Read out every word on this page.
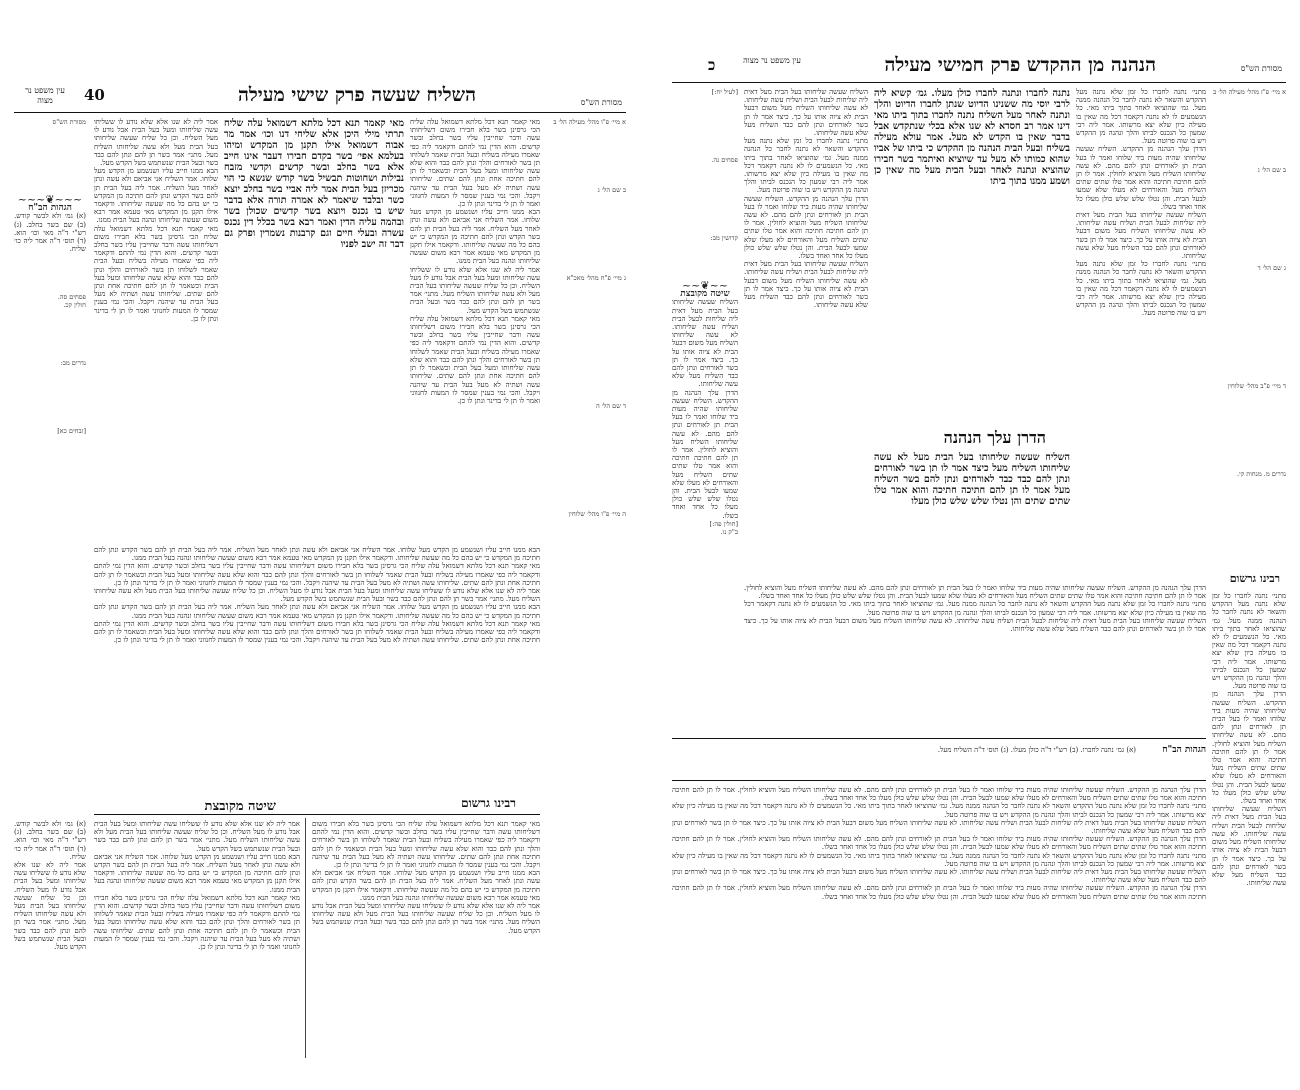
מסורת הש"ס
השליח שעשה פרק שישי מעילה
40
עין משפט נר מצוה

א מיי׳ פ"ו מהל׳ מעילה הל׳ ב

ב שם הל׳ ג

ג מיי׳ פ"ח מהל׳ מאכ"א

ד שם הל׳ ה

ה מיי׳ פ"ו מהל׳ שלוחין

מאי קאמר תנא דכל מלתא דשמואל עלה שליח הכי גרסינן בשר בלא חבירו משום דשליחותו עשה ודבר שחייבין עליו בשר בחלב ובשר קדשים. והוא הדין נמי להתם ודקאמר ליה כפי שאמרו מעילה בשליח ובעל הבית שאמר לשלוחו תן בשר לאורחים והלך ונתן להם כבד והוא שלא עשה שליחותו ומעל בעל הבית וכשאמר לו תן להם חתיכה אחת ונתן להם שתים. שליחותו עשה ושתיה לא מעל בעל הבית עד שיהנה ויקבל. והכי נמי בענין שמסר לו המעות לחנווני ואמר לו תן לי בדינר ונתן לו כן.

הבא ממנו חייב עליו ושנשמע מן הקדש מעל שלוחו. אמר השליח אני אביאם ולא עשה ונתן לאחר מעל השליח. אמר ליה בעל הבית תן להם בשר הקדש ונתן להם חתיכה מן המקדש כי יש בהם כל מה שעשה שליחותו. ודקאמר אילו תקנן מן המקדש מאי טעמא אמר רבא משום שעשה שליחותו ונהנה בעל הבית ממנו.

אמר ליה לא שנו אלא שלא נודע לו ששליחו עשה שליחותו ומעל בעל הבית אבל נודע לו מעל השליח. וכן כל שליח שעשה שליחותו בעל הבית מעל ולא עשה שליחותו השליח מעל. מתני׳ אמר בשר תן להם ונתן להם כבד בשר ובעל הבית שנשתמש בשל הקדש מעל.

מאי קאמר תנא דכל מלתא דשמואל עלה שליח הכי גרסינן בשר בלא חבירו משום דשליחותו עשה ודבר שחייבין עליו בשר בחלב ובשר קדשים. והוא הדין נמי להתם ודקאמר ליה כפי שאמרו מעילה בשליח ובעל הבית שאמר לשלוחו תן בשר לאורחים והלך ונתן להם כבד והוא שלא עשה שליחותו ומעל בעל הבית וכשאמר לו תן להם חתיכה אחת ונתן להם שתים. שליחותו עשה ושתיה לא מעל בעל הבית עד שיהנה ויקבל. והכי נמי בענין שמסר לו המעות לחנווני ואמר לו תן לי בדינר ונתן לו כן.

מאי קאמר תנא דכל מלתא דשמואל עלה שליח תרתי מילי היכן אלא שליחי דנו וכו׳ אמר מר אבוה דשמואל אילו תקנן מן המקדש ומיהו בעלמא אפי׳ בשר בקדם חבירו דעבר אינו חייב אלא בשר בחלב ובשר קדשים וקדשי מזבח נבילות ושחוטות תבשיל בשר קודש שנשא כי הוי מכריזן בעל הבית אמר ליה אביי בשר בחלב יוצא כשר ובלבד שיאמר לא אמרה תורה אלא בדבר שיש בו נכנס ויוצא בשר קדשים שכולן בשר ובהמה עליה הדין ואמר רבא בשר בכלל דין נכנס עשרה ובעלי חיים וגם קרבנות נשמרין ופרק גם דבר זה ישב לפניו

אמר ליה לא שנו אלא שלא נודע לו ששליחו עשה שליחותו ומעל בעל הבית אבל נודע לו מעל השליח. וכן כל שליח שעשה שליחותו בעל הבית מעל ולא עשה שליחותו השליח מעל. מתני׳ אמר בשר תן להם ונתן להם כבד בשר ובעל הבית שנשתמש בשל הקדש מעל.

הבא ממנו חייב עליו ושנשמע מן הקדש מעל שלוחו. אמר השליח אני אביאם ולא עשה ונתן לאחר מעל השליח. אמר ליה בעל הבית תן להם בשר הקדש ונתן להם חתיכה מן המקדש כי יש בהם כל מה שעשה שליחותו. ודקאמר אילו תקנן מן המקדש מאי טעמא אמר רבא משום שעשה שליחותו ונהנה בעל הבית ממנו.

מאי קאמר תנא דכל מלתא דשמואל עלה שליח הכי גרסינן בשר בלא חבירו משום דשליחותו עשה ודבר שחייבין עליו בשר בחלב ובשר קדשים. והוא הדין נמי להתם ודקאמר ליה כפי שאמרו מעילה בשליח ובעל הבית שאמר לשלוחו תן בשר לאורחים והלך ונתן להם כבד והוא שלא עשה שליחותו ומעל בעל הבית וכשאמר לו תן להם חתיכה אחת ונתן להם שתים. שליחותו עשה ושתיה לא מעל בעל הבית עד שיהנה ויקבל. והכי נמי בענין שמסר לו המעות לחנווני ואמר לו תן לי בדינר ונתן לו כן.

מסורת הש"ס

~~~❦~~~

הגהות הב"ח

(א) גמ׳ ולא לבשר קודש. (ב) שם בשר בחלב. (ג) רש"י ד"ה מאי וכו׳ הוא. (ד) תוס׳ ד"ה אמר ליה כו׳ שליח.

פסחים סה.

חולין קכ.

נדרים מב:

[זבחים כא]

הבא ממנו חייב עליו ושנשמע מן הקדש מעל שלוחו. אמר השליח אני אביאם ולא עשה ונתן לאחר מעל השליח. אמר ליה בעל הבית תן להם בשר הקדש ונתן להם חתיכה מן המקדש כי יש בהם כל מה שעשה שליחותו. ודקאמר אילו תקנן מן המקדש מאי טעמא אמר רבא משום שעשה שליחותו ונהנה בעל הבית ממנו.

מאי קאמר תנא דכל מלתא דשמואל עלה שליח הכי גרסינן בשר בלא חבירו משום דשליחותו עשה ודבר שחייבין עליו בשר בחלב ובשר קדשים. והוא הדין נמי להתם ודקאמר ליה כפי שאמרו מעילה בשליח ובעל הבית שאמר לשלוחו תן בשר לאורחים והלך ונתן להם כבד והוא שלא עשה שליחותו ומעל בעל הבית וכשאמר לו תן להם חתיכה אחת ונתן להם שתים. שליחותו עשה ושתיה לא מעל בעל הבית עד שיהנה ויקבל. והכי נמי בענין שמסר לו המעות לחנווני ואמר לו תן לי בדינר ונתן לו כן.

אמר ליה לא שנו אלא שלא נודע לו ששליחו עשה שליחותו ומעל בעל הבית אבל נודע לו מעל השליח. וכן כל שליח שעשה שליחותו בעל הבית מעל ולא עשה שליחותו השליח מעל. מתני׳ אמר בשר תן להם ונתן להם כבד בשר ובעל הבית שנשתמש בשל הקדש מעל.

הבא ממנו חייב עליו ושנשמע מן הקדש מעל שלוחו. אמר השליח אני אביאם ולא עשה ונתן לאחר מעל השליח. אמר ליה בעל הבית תן להם בשר הקדש ונתן להם חתיכה מן המקדש כי יש בהם כל מה שעשה שליחותו. ודקאמר אילו תקנן מן המקדש מאי טעמא אמר רבא משום שעשה שליחותו ונהנה בעל הבית ממנו.

מאי קאמר תנא דכל מלתא דשמואל עלה שליח הכי גרסינן בשר בלא חבירו משום דשליחותו עשה ודבר שחייבין עליו בשר בחלב ובשר קדשים. והוא הדין נמי להתם ודקאמר ליה כפי שאמרו מעילה בשליח ובעל הבית שאמר לשלוחו תן בשר לאורחים והלך ונתן להם כבד והוא שלא עשה שליחותו ומעל בעל הבית וכשאמר לו תן להם חתיכה אחת ונתן להם שתים. שליחותו עשה ושתיה לא מעל בעל הבית עד שיהנה ויקבל. והכי נמי בענין שמסר לו המעות לחנווני ואמר לו תן לי בדינר ונתן לו כן.

שיטה מקובצת	רבינו גרשום

מאי קאמר תנא דכל מלתא דשמואל עלה שליח הכי גרסינן בשר בלא חבירו משום דשליחותו עשה ודבר שחייבין עליו בשר בחלב ובשר קדשים. והוא הדין נמי להתם ודקאמר ליה כפי שאמרו מעילה בשליח ובעל הבית שאמר לשלוחו תן בשר לאורחים והלך ונתן להם כבד והוא שלא עשה שליחותו ומעל בעל הבית וכשאמר לו תן להם חתיכה אחת ונתן להם שתים. שליחותו עשה ושתיה לא מעל בעל הבית עד שיהנה ויקבל. והכי נמי בענין שמסר לו המעות לחנווני ואמר לו תן לי בדינר ונתן לו כן.

הבא ממנו חייב עליו ושנשמע מן הקדש מעל שלוחו. אמר השליח אני אביאם ולא עשה ונתן לאחר מעל השליח. אמר ליה בעל הבית תן להם בשר הקדש ונתן להם חתיכה מן המקדש כי יש בהם כל מה שעשה שליחותו. ודקאמר אילו תקנן מן המקדש מאי טעמא אמר רבא משום שעשה שליחותו ונהנה בעל הבית ממנו.

אמר ליה לא שנו אלא שלא נודע לו ששליחו עשה שליחותו ומעל בעל הבית אבל נודע לו מעל השליח. וכן כל שליח שעשה שליחותו בעל הבית מעל ולא עשה שליחותו השליח מעל. מתני׳ אמר בשר תן להם ונתן להם כבד בשר ובעל הבית שנשתמש בשל הקדש מעל.

אמר ליה לא שנו אלא שלא נודע לו ששליחו עשה שליחותו ומעל בעל הבית אבל נודע לו מעל השליח. וכן כל שליח שעשה שליחותו בעל הבית מעל ולא עשה שליחותו השליח מעל. מתני׳ אמר בשר תן להם ונתן להם כבד בשר ובעל הבית שנשתמש בשל הקדש מעל.

הבא ממנו חייב עליו ושנשמע מן הקדש מעל שלוחו. אמר השליח אני אביאם ולא עשה ונתן לאחר מעל השליח. אמר ליה בעל הבית תן להם בשר הקדש ונתן להם חתיכה מן המקדש כי יש בהם כל מה שעשה שליחותו. ודקאמר אילו תקנן מן המקדש מאי טעמא אמר רבא משום שעשה שליחותו ונהנה בעל הבית ממנו.

מאי קאמר תנא דכל מלתא דשמואל עלה שליח הכי גרסינן בשר בלא חבירו משום דשליחותו עשה ודבר שחייבין עליו בשר בחלב ובשר קדשים. והוא הדין נמי להתם ודקאמר ליה כפי שאמרו מעילה בשליח ובעל הבית שאמר לשלוחו תן בשר לאורחים והלך ונתן להם כבד והוא שלא עשה שליחותו ומעל בעל הבית וכשאמר לו תן להם חתיכה אחת ונתן להם שתים. שליחותו עשה ושתיה לא מעל בעל הבית עד שיהנה ויקבל. והכי נמי בענין שמסר לו המעות לחנווני ואמר לו תן לי בדינר ונתן לו כן.

(א) גמ׳ ולא לבשר קודש. (ב) שם בשר בחלב. (ג) רש"י ד"ה מאי וכו׳ הוא. (ד) תוס׳ ד"ה אמר ליה כו׳ שליח.

אמר ליה לא שנו אלא שלא נודע לו ששליחו עשה שליחותו ומעל בעל הבית אבל נודע לו מעל השליח. וכן כל שליח שעשה שליחותו בעל הבית מעל ולא עשה שליחותו השליח מעל. מתני׳ אמר בשר תן להם ונתן להם כבד בשר ובעל הבית שנשתמש בשל הקדש מעל.

מסורת הש"ס
הנהנה מן ההקדש פרק חמישי מעילה
כ	עין משפט נר מצוה

א מיי׳ פ"ז מהל׳ מעילה הל׳ ב

ב שם הל׳ ג

ג שם הל׳ ד

ד מיי׳ פ"ב מהל׳ שלוחין

נדרים מ. מנחות קי.

מתני׳ נתנה לחברו כל זמן שלא נתנה מעל ההקדש והשאר לא נתנה לחבר כל הנהנה ממנה מעל. גמ׳ שהוציאו לאחר בתוך ביתו מאי. כל הנשמעים לו לא נתנה דקאמר דכל מה שאין בו מעילה כיון שלא יצא מרשותו. אמר ליה רבי שמעון כל הנכנס לביתו והלך ונהנה מן ההקדש ויש בו שוה פרוטה מעל.

הדרן עלך הנהנה מן ההקדש. השליח שעשה שליחותו שהיה מעות ביד שלוחו ואמר לו בעל הבית תן לאורחים ונתן להם מהם. לא עשה שליחותו השליח מעל והוציא לחולין. אמר לו תן להם חתיכה חתיכה והוא אמר טלו שתים שתים השליח מעל והאורחים לא מעלו שלא שמעו לבעל הבית. והן נטלו שלש שלש כולן מעלו כל אחד ואחד בשלו.

השליח שעשה שליחותו בעל הבית מעל דאית ליה שליחות לבעל הבית ושליח עשה שליחותו. לא עשה שליחותו השליח מעל משום דבעל הבית לא ציוה אותו על כך. כיצד אמר לו תן בשר לאורחים ונתן להם כבד השליח מעל שלא עשה שליחותו.

מתני׳ נתנה לחברו כל זמן שלא נתנה מעל ההקדש והשאר לא נתנה לחבר כל הנהנה ממנה מעל. גמ׳ שהוציאו לאחר בתוך ביתו מאי. כל הנשמעים לו לא נתנה דקאמר דכל מה שאין בו מעילה כיון שלא יצא מרשותו. אמר ליה רבי שמעון כל הנכנס לביתו והלך ונהנה מן ההקדש ויש בו שוה פרוטה מעל.

נתנה לחברו ונתנה לחברו כולן מעלו. גמ׳ קשיא ליה לרבי יוסי מה ששנינו הדיוט שנתן לחברו הדיוט והלך ונתנה לאחר מעל השליח נתנה לחברו בתוך ביתו מאי דינו אמר רב חסדא לא שנו אלא בכלי שנתקדש אבל בדבר שאין בו הקדש לא מעל. אמר עולא מעילה בשליח ובעל הבית הנהנה מן ההקדש כי ביתו של אביו שהוא כמותו לא מעל עד שיוציא ואיתמר בשר חבירו שהוציא ונתנה לאחר ובעל הבית מעל מה שאין כן ושמע ממנו בתוך ביתו

הדרן עלך הנהנה

השליח שעשה שליחותו בעל הבית מעל לא עשה שליחותו השליח מעל כיצד אמר לו תן בשר לאורחים ונתן להם כבד כבד לאורחים ונתן להם בשר השליח מעל אמר לו תן להם חתיכה חתיכה והוא אמר טלו שתים שתים והן נטלו שלש שלש כולן מעלו

השליח שעשה שליחותו בעל הבית מעל דאית ליה שליחות לבעל הבית ושליח עשה שליחותו. לא עשה שליחותו השליח מעל משום דבעל הבית לא ציוה אותו על כך. כיצד אמר לו תן בשר לאורחים ונתן להם כבד השליח מעל שלא עשה שליחותו.

מתני׳ נתנה לחברו כל זמן שלא נתנה מעל ההקדש והשאר לא נתנה לחבר כל הנהנה ממנה מעל. גמ׳ שהוציאו לאחר בתוך ביתו מאי. כל הנשמעים לו לא נתנה דקאמר דכל מה שאין בו מעילה כיון שלא יצא מרשותו. אמר ליה רבי שמעון כל הנכנס לביתו והלך ונהנה מן ההקדש ויש בו שוה פרוטה מעל.

הדרן עלך הנהנה מן ההקדש. השליח שעשה שליחותו שהיה מעות ביד שלוחו ואמר לו בעל הבית תן לאורחים ונתן להם מהם. לא עשה שליחותו השליח מעל והוציא לחולין. אמר לו תן להם חתיכה חתיכה והוא אמר טלו שתים שתים השליח מעל והאורחים לא מעלו שלא שמעו לבעל הבית. והן נטלו שלש שלש כולן מעלו כל אחד ואחד בשלו.

השליח שעשה שליחותו בעל הבית מעל דאית ליה שליחות לבעל הבית ושליח עשה שליחותו. לא עשה שליחותו השליח מעל משום דבעל הבית לא ציוה אותו על כך. כיצד אמר לו תן בשר לאורחים ונתן להם כבד השליח מעל שלא עשה שליחותו.

[לעיל יח:]

פסחים נה.

קדושין מב:

~~❦~~

שיטה מקובצת

השליח שעשה שליחותו בעל הבית מעל דאית ליה שליחות לבעל הבית ושליח עשה שליחותו. לא עשה שליחותו השליח מעל משום דבעל הבית לא ציוה אותו על כך. כיצד אמר לו תן בשר לאורחים ונתן להם כבד השליח מעל שלא עשה שליחותו.

הדרן עלך הנהנה מן ההקדש. השליח שעשה שליחותו שהיה מעות ביד שלוחו ואמר לו בעל הבית תן לאורחים ונתן להם מהם. לא עשה שליחותו השליח מעל והוציא לחולין. אמר לו תן להם חתיכה חתיכה והוא אמר טלו שתים שתים השליח מעל והאורחים לא מעלו שלא שמעו לבעל הבית. והן נטלו שלש שלש כולן מעלו כל אחד ואחד בשלו.

[חולין פה:]

ב"ק נו.

הדרן עלך הנהנה מן ההקדש. השליח שעשה שליחותו שהיה מעות ביד שלוחו ואמר לו בעל הבית תן לאורחים ונתן להם מהם. לא עשה שליחותו השליח מעל והוציא לחולין. אמר לו תן להם חתיכה חתיכה והוא אמר טלו שתים שתים השליח מעל והאורחים לא מעלו שלא שמעו לבעל הבית. והן נטלו שלש שלש כולן מעלו כל אחד ואחד בשלו.

מתני׳ נתנה לחברו כל זמן שלא נתנה מעל ההקדש והשאר לא נתנה לחבר כל הנהנה ממנה מעל. גמ׳ שהוציאו לאחר בתוך ביתו מאי. כל הנשמעים לו לא נתנה דקאמר דכל מה שאין בו מעילה כיון שלא יצא מרשותו. אמר ליה רבי שמעון כל הנכנס לביתו והלך ונהנה מן ההקדש ויש בו שוה פרוטה מעל.

השליח שעשה שליחותו בעל הבית מעל דאית ליה שליחות לבעל הבית ושליח עשה שליחותו. לא עשה שליחותו השליח מעל משום דבעל הבית לא ציוה אותו על כך. כיצד אמר לו תן בשר לאורחים ונתן להם כבד השליח מעל שלא עשה שליחותו.

רבינו גרשום

מתני׳ נתנה לחברו כל זמן שלא נתנה מעל ההקדש והשאר לא נתנה לחבר כל הנהנה ממנה מעל. גמ׳ שהוציאו לאחר בתוך ביתו מאי. כל הנשמעים לו לא נתנה דקאמר דכל מה שאין בו מעילה כיון שלא יצא מרשותו. אמר ליה רבי שמעון כל הנכנס לביתו והלך ונהנה מן ההקדש ויש בו שוה פרוטה מעל.

הדרן עלך הנהנה מן ההקדש. השליח שעשה שליחותו שהיה מעות ביד שלוחו ואמר לו בעל הבית תן לאורחים ונתן להם מהם. לא עשה שליחותו השליח מעל והוציא לחולין. אמר לו תן להם חתיכה חתיכה והוא אמר טלו שתים שתים השליח מעל והאורחים לא מעלו שלא שמעו לבעל הבית. והן נטלו שלש שלש כולן מעלו כל אחד ואחד בשלו.

השליח שעשה שליחותו בעל הבית מעל דאית ליה שליחות לבעל הבית ושליח עשה שליחותו. לא עשה שליחותו השליח מעל משום דבעל הבית לא ציוה אותו על כך. כיצד אמר לו תן בשר לאורחים ונתן להם כבד השליח מעל שלא עשה שליחותו.

הגהות הב"ח

(א) גמ׳ נתנה לחברו. (ב) רש"י ד"ה כולן מעלו. (ג) תוס׳ ד"ה השליח מעל.

הדרן עלך הנהנה מן ההקדש. השליח שעשה שליחותו שהיה מעות ביד שלוחו ואמר לו בעל הבית תן לאורחים ונתן להם מהם. לא עשה שליחותו השליח מעל והוציא לחולין. אמר לו תן להם חתיכה חתיכה והוא אמר טלו שתים שתים השליח מעל והאורחים לא מעלו שלא שמעו לבעל הבית. והן נטלו שלש שלש כולן מעלו כל אחד ואחד בשלו.

מתני׳ נתנה לחברו כל זמן שלא נתנה מעל ההקדש והשאר לא נתנה לחבר כל הנהנה ממנה מעל. גמ׳ שהוציאו לאחר בתוך ביתו מאי. כל הנשמעים לו לא נתנה דקאמר דכל מה שאין בו מעילה כיון שלא יצא מרשותו. אמר ליה רבי שמעון כל הנכנס לביתו והלך ונהנה מן ההקדש ויש בו שוה פרוטה מעל.

השליח שעשה שליחותו בעל הבית מעל דאית ליה שליחות לבעל הבית ושליח עשה שליחותו. לא עשה שליחותו השליח מעל משום דבעל הבית לא ציוה אותו על כך. כיצד אמר לו תן בשר לאורחים ונתן להם כבד השליח מעל שלא עשה שליחותו.

הדרן עלך הנהנה מן ההקדש. השליח שעשה שליחותו שהיה מעות ביד שלוחו ואמר לו בעל הבית תן לאורחים ונתן להם מהם. לא עשה שליחותו השליח מעל והוציא לחולין. אמר לו תן להם חתיכה חתיכה והוא אמר טלו שתים שתים השליח מעל והאורחים לא מעלו שלא שמעו לבעל הבית. והן נטלו שלש שלש כולן מעלו כל אחד ואחד בשלו.

מתני׳ נתנה לחברו כל זמן שלא נתנה מעל ההקדש והשאר לא נתנה לחבר כל הנהנה ממנה מעל. גמ׳ שהוציאו לאחר בתוך ביתו מאי. כל הנשמעים לו לא נתנה דקאמר דכל מה שאין בו מעילה כיון שלא יצא מרשותו. אמר ליה רבי שמעון כל הנכנס לביתו והלך ונהנה מן ההקדש ויש בו שוה פרוטה מעל.

השליח שעשה שליחותו בעל הבית מעל דאית ליה שליחות לבעל הבית ושליח עשה שליחותו. לא עשה שליחותו השליח מעל משום דבעל הבית לא ציוה אותו על כך. כיצד אמר לו תן בשר לאורחים ונתן להם כבד השליח מעל שלא עשה שליחותו.

הדרן עלך הנהנה מן ההקדש. השליח שעשה שליחותו שהיה מעות ביד שלוחו ואמר לו בעל הבית תן לאורחים ונתן להם מהם. לא עשה שליחותו השליח מעל והוציא לחולין. אמר לו תן להם חתיכה חתיכה והוא אמר טלו שתים שתים השליח מעל והאורחים לא מעלו שלא שמעו לבעל הבית. והן נטלו שלש שלש כולן מעלו כל אחד ואחד בשלו.
